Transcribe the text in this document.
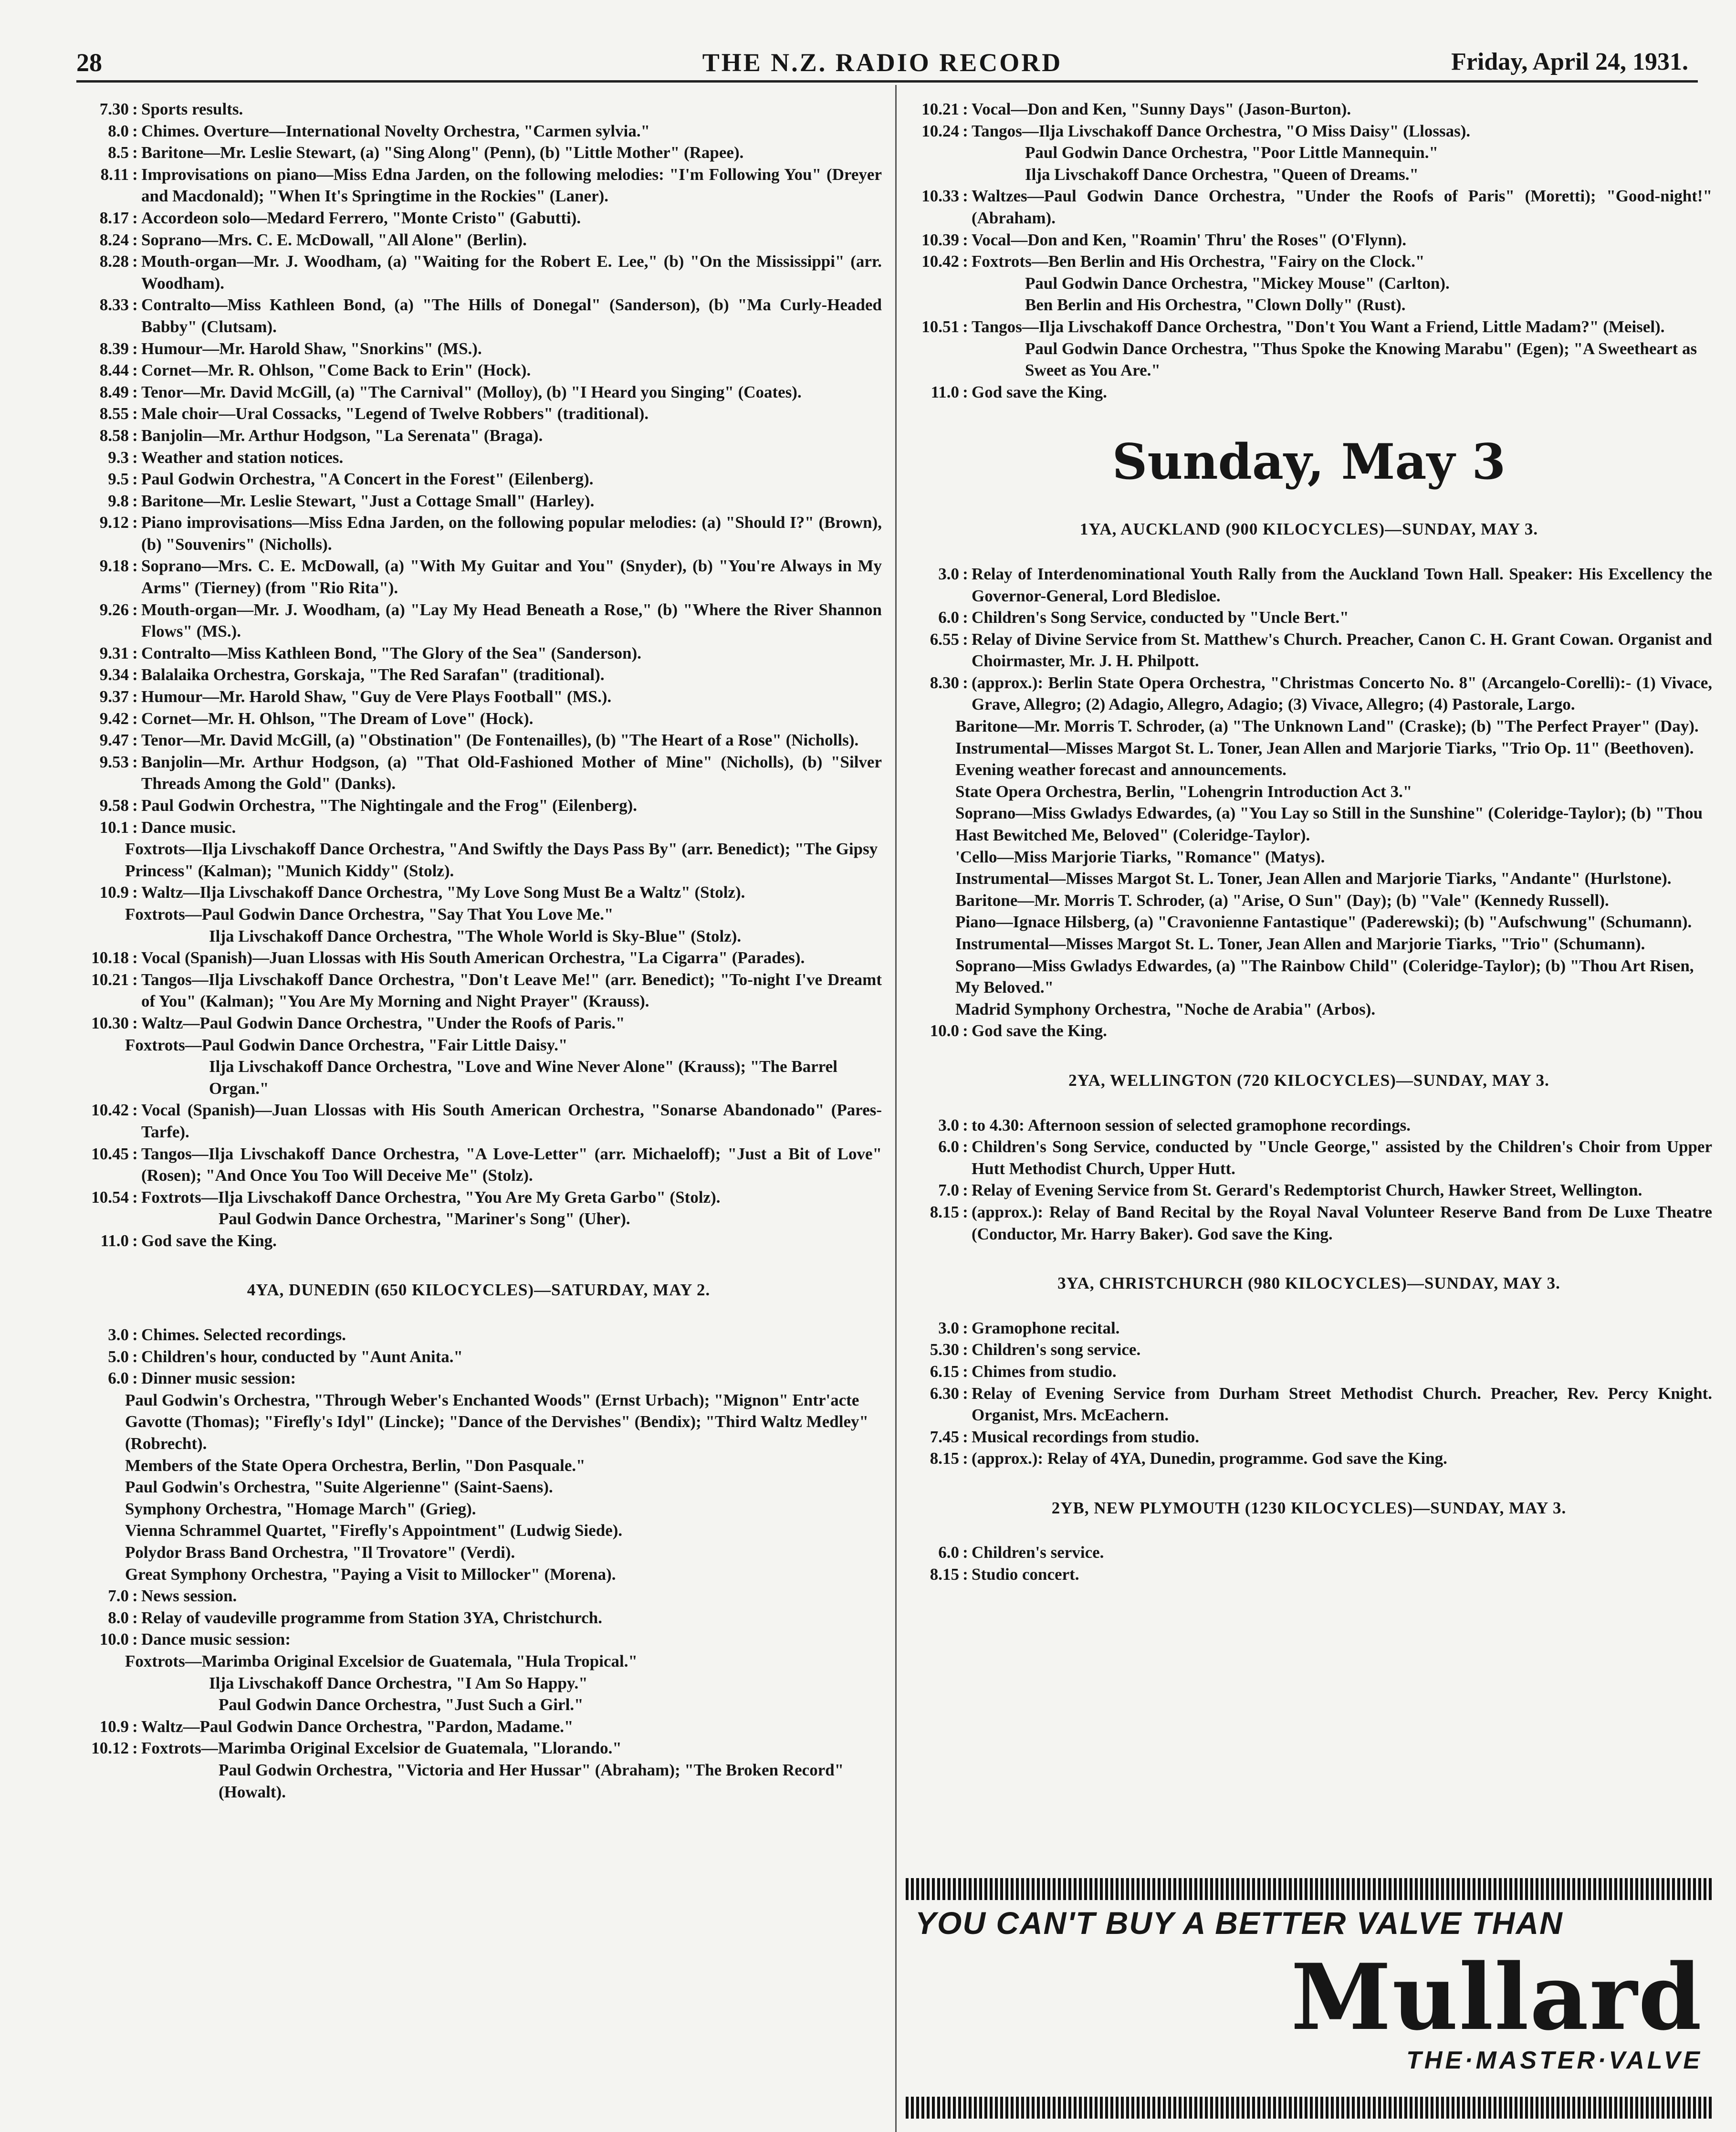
28	THE N.Z. RADIO RECORD	Friday, April 24, 1931.
7.30 : Sports results.
8.0 : Chimes. Overture—International Novelty Orchestra, "Carmen sylvia."
8.5 : Baritone—Mr. Leslie Stewart, (a) "Sing Along" (Penn), (b) "Little Mother" (Rapee).
8.11 : Improvisations on piano—Miss Edna Jarden, on the following melodies: "I'm Following You" (Dreyer and Macdonald); "When It's Springtime in the Rockies" (Laner).
8.17 : Accordeon solo—Medard Ferrero, "Monte Cristo" (Gabutti).
8.24 : Soprano—Mrs. C. E. McDowall, "All Alone" (Berlin).
8.28 : Mouth-organ—Mr. J. Woodham, (a) "Waiting for the Robert E. Lee," (b) "On the Mississippi" (arr. Woodham).
8.33 : Contralto—Miss Kathleen Bond, (a) "The Hills of Donegal" (Sanderson), (b) "Ma Curly-Headed Babby" (Clutsam).
8.39 : Humour—Mr. Harold Shaw, "Snorkins" (MS.).
8.44 : Cornet—Mr. R. Ohlson, "Come Back to Erin" (Hock).
8.49 : Tenor—Mr. David McGill, (a) "The Carnival" (Molloy), (b) "I Heard you Singing" (Coates).
8.55 : Male choir—Ural Cossacks, "Legend of Twelve Robbers" (traditional).
8.58 : Banjolin—Mr. Arthur Hodgson, "La Serenata" (Braga).
9.3 : Weather and station notices.
9.5 : Paul Godwin Orchestra, "A Concert in the Forest" (Eilenberg).
9.8 : Baritone—Mr. Leslie Stewart, "Just a Cottage Small" (Harley).
9.12 : Piano improvisations—Miss Edna Jarden, on the following popular melodies: (a) "Should I?" (Brown), (b) "Souvenirs" (Nicholls).
9.18 : Soprano—Mrs. C. E. McDowall, (a) "With My Guitar and You" (Snyder), (b) "You're Always in My Arms" (Tierney) (from "Rio Rita").
9.26 : Mouth-organ—Mr. J. Woodham, (a) "Lay My Head Beneath a Rose," (b) "Where the River Shannon Flows" (MS.).
9.31 : Contralto—Miss Kathleen Bond, "The Glory of the Sea" (Sanderson).
9.34 : Balalaika Orchestra, Gorskaja, "The Red Sarafan" (traditional).
9.37 : Humour—Mr. Harold Shaw, "Guy de Vere Plays Football" (MS.).
9.42 : Cornet—Mr. H. Ohlson, "The Dream of Love" (Hock).
9.47 : Tenor—Mr. David McGill, (a) "Obstination" (De Fontenailles), (b) "The Heart of a Rose" (Nicholls).
9.53 : Banjolin—Mr. Arthur Hodgson, (a) "That Old-Fashioned Mother of Mine" (Nicholls), (b) "Silver Threads Among the Gold" (Danks).
9.58 : Paul Godwin Orchestra, "The Nightingale and the Frog" (Eilenberg).
10.1 : Dance music.
Foxtrots—Ilja Livschakoff Dance Orchestra, "And Swiftly the Days Pass By" (arr. Benedict); "The Gipsy Princess" (Kalman); "Munich Kiddy" (Stolz).
10.9 : Waltz—Ilja Livschakoff Dance Orchestra, "My Love Song Must Be a Waltz" (Stolz).
Foxtrots—Paul Godwin Dance Orchestra, "Say That You Love Me."
Ilja Livschakoff Dance Orchestra, "The Whole World is Sky-Blue" (Stolz).
10.18 : Vocal (Spanish)—Juan Llossas with His South American Orchestra, "La Cigarra" (Parades).
10.21 : Tangos—Ilja Livschakoff Dance Orchestra, "Don't Leave Me!" (arr. Benedict); "To-night I've Dreamt of You" (Kalman); "You Are My Morning and Night Prayer" (Krauss).
10.30 : Waltz—Paul Godwin Dance Orchestra, "Under the Roofs of Paris."
Foxtrots—Paul Godwin Dance Orchestra, "Fair Little Daisy."
Ilja Livschakoff Dance Orchestra, "Love and Wine Never Alone" (Krauss); "The Barrel Organ."
10.42 : Vocal (Spanish)—Juan Llossas with His South American Orchestra, "Sonarse Abandonado" (Pares-Tarfe).
10.45 : Tangos—Ilja Livschakoff Dance Orchestra, "A Love-Letter" (arr. Michaeloff); "Just a Bit of Love" (Rosen); "And Once You Too Will Deceive Me" (Stolz).
10.54 : Foxtrots—Ilja Livschakoff Dance Orchestra, "You Are My Greta Garbo" (Stolz).
Paul Godwin Dance Orchestra, "Mariner's Song" (Uher).
11.0 : God save the King.
4YA, DUNEDIN (650 KILOCYCLES)—SATURDAY, MAY 2.
3.0 : Chimes. Selected recordings.
5.0 : Children's hour, conducted by "Aunt Anita."
6.0 : Dinner music session:
Paul Godwin's Orchestra, "Through Weber's Enchanted Woods" (Ernst Urbach); "Mignon" Entr'acte Gavotte (Thomas); "Firefly's Idyl" (Lincke); "Dance of the Dervishes" (Bendix); "Third Waltz Medley" (Robrecht).
Members of the State Opera Orchestra, Berlin, "Don Pasquale."
Paul Godwin's Orchestra, "Suite Algerienne" (Saint-Saens).
Symphony Orchestra, "Homage March" (Grieg).
Vienna Schrammel Quartet, "Firefly's Appointment" (Ludwig Siede).
Polydor Brass Band Orchestra, "Il Trovatore" (Verdi).
Great Symphony Orchestra, "Paying a Visit to Millocker" (Morena).
7.0 : News session.
8.0 : Relay of vaudeville programme from Station 3YA, Christchurch.
10.0 : Dance music session:
Foxtrots—Marimba Original Excelsior de Guatemala, "Hula Tropical."
Ilja Livschakoff Dance Orchestra, "I Am So Happy."
Paul Godwin Dance Orchestra, "Just Such a Girl."
10.9 : Waltz—Paul Godwin Dance Orchestra, "Pardon, Madame."
10.12 : Foxtrots—Marimba Original Excelsior de Guatemala, "Llorando."
Paul Godwin Orchestra, "Victoria and Her Hussar" (Abraham); "The Broken Record" (Howalt).
10.21 : Vocal—Don and Ken, "Sunny Days" (Jason-Burton).
10.24 : Tangos—Ilja Livschakoff Dance Orchestra, "O Miss Daisy" (Llossas).
Paul Godwin Dance Orchestra, "Poor Little Mannequin."
Ilja Livschakoff Dance Orchestra, "Queen of Dreams."
10.33 : Waltzes—Paul Godwin Dance Orchestra, "Under the Roofs of Paris" (Moretti); "Good-night!" (Abraham).
10.39 : Vocal—Don and Ken, "Roamin' Thru' the Roses" (O'Flynn).
10.42 : Foxtrots—Ben Berlin and His Orchestra, "Fairy on the Clock."
Paul Godwin Dance Orchestra, "Mickey Mouse" (Carlton).
Ben Berlin and His Orchestra, "Clown Dolly" (Rust).
10.51 : Tangos—Ilja Livschakoff Dance Orchestra, "Don't You Want a Friend, Little Madam?" (Meisel).
Paul Godwin Dance Orchestra, "Thus Spoke the Knowing Marabu" (Egen); "A Sweetheart as Sweet as You Are."
11.0 : God save the King.
Sunday, May 3
1YA, AUCKLAND (900 KILOCYCLES)—SUNDAY, MAY 3.
3.0 : Relay of Interdenominational Youth Rally from the Auckland Town Hall. Speaker: His Excellency the Governor-General, Lord Bledisloe.
6.0 : Children's Song Service, conducted by "Uncle Bert."
6.55 : Relay of Divine Service from St. Matthew's Church. Preacher, Canon C. H. Grant Cowan. Organist and Choirmaster, Mr. J. H. Philpott.
8.30 : (approx.): Berlin State Opera Orchestra, "Christmas Concerto No. 8" (Arcangelo-Corelli):- (1) Vivace, Grave, Allegro; (2) Adagio, Allegro, Adagio; (3) Vivace, Allegro; (4) Pastorale, Largo.
Baritone—Mr. Morris T. Schroder, (a) "The Unknown Land" (Craske); (b) "The Perfect Prayer" (Day).
Instrumental—Misses Margot St. L. Toner, Jean Allen and Marjorie Tiarks, "Trio Op. 11" (Beethoven).
Evening weather forecast and announcements.
State Opera Orchestra, Berlin, "Lohengrin Introduction Act 3."
Soprano—Miss Gwladys Edwardes, (a) "You Lay so Still in the Sunshine" (Coleridge-Taylor); (b) "Thou Hast Bewitched Me, Beloved" (Coleridge-Taylor).
'Cello—Miss Marjorie Tiarks, "Romance" (Matys).
Instrumental—Misses Margot St. L. Toner, Jean Allen and Marjorie Tiarks, "Andante" (Hurlstone).
Baritone—Mr. Morris T. Schroder, (a) "Arise, O Sun" (Day); (b) "Vale" (Kennedy Russell).
Piano—Ignace Hilsberg, (a) "Cravonienne Fantastique" (Paderewski); (b) "Aufschwung" (Schumann).
Instrumental—Misses Margot St. L. Toner, Jean Allen and Marjorie Tiarks, "Trio" (Schumann).
Soprano—Miss Gwladys Edwardes, (a) "The Rainbow Child" (Coleridge-Taylor); (b) "Thou Art Risen, My Beloved."
Madrid Symphony Orchestra, "Noche de Arabia" (Arbos).
10.0 : God save the King.
2YA, WELLINGTON (720 KILOCYCLES)—SUNDAY, MAY 3.
3.0 : to 4.30: Afternoon session of selected gramophone recordings.
6.0 : Children's Song Service, conducted by "Uncle George," assisted by the Children's Choir from Upper Hutt Methodist Church, Upper Hutt.
7.0 : Relay of Evening Service from St. Gerard's Redemptorist Church, Hawker Street, Wellington.
8.15 : (approx.): Relay of Band Recital by the Royal Naval Volunteer Reserve Band from De Luxe Theatre (Conductor, Mr. Harry Baker). God save the King.
3YA, CHRISTCHURCH (980 KILOCYCLES)—SUNDAY, MAY 3.
3.0 : Gramophone recital.
5.30 : Children's song service.
6.15 : Chimes from studio.
6.30 : Relay of Evening Service from Durham Street Methodist Church. Preacher, Rev. Percy Knight. Organist, Mrs. McEachern.
7.45 : Musical recordings from studio.
8.15 : (approx.): Relay of 4YA, Dunedin, programme. God save the King.
2YB, NEW PLYMOUTH (1230 KILOCYCLES)—SUNDAY, MAY 3.
6.0 : Children's service.
8.15 : Studio concert.
YOU CAN'T BUY A BETTER VALVE THAN
Mullard
THE·MASTER·VALVE
